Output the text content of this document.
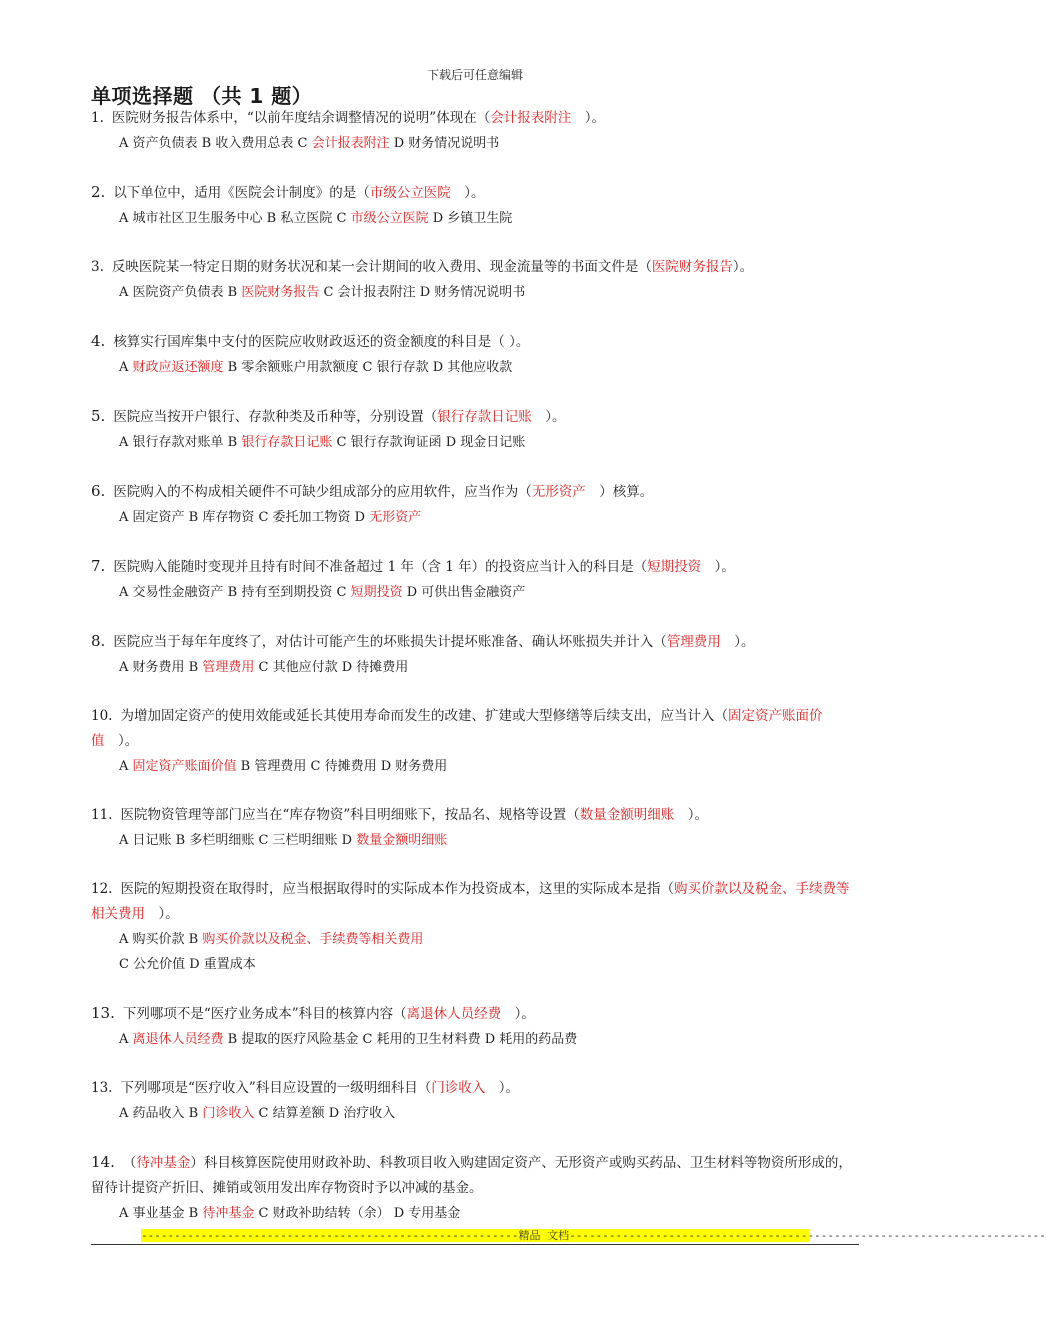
下载后可任意编辑
单项选择题 （共 1 题）
1. 医院财务报告体系中，“以前年度结余调整情况的说明”体现在（会计报表附注　）。
A 资产负债表 B 收入费用总表 C 会计报表附注 D 财务情况说明书
2. 以下单位中，适用《医院会计制度》的是（市级公立医院　）。
A 城市社区卫生服务中心 B 私立医院 C 市级公立医院 D 乡镇卫生院
3. 反映医院某一特定日期的财务状况和某一会计期间的收入费用、现金流量等的书面文件是（医院财务报告）。
A 医院资产负债表 B 医院财务报告 C 会计报表附注 D 财务情况说明书
4. 核算实行国库集中支付的医院应收财政返还的资金额度的科目是（ ）。
A 财政应返还额度 B 零余额账户用款额度 C 银行存款 D 其他应收款
5. 医院应当按开户银行、存款种类及币种等，分别设置（银行存款日记账　）。
A 银行存款对账单 B 银行存款日记账 C 银行存款询证函 D 现金日记账
6. 医院购入的不构成相关硬件不可缺少组成部分的应用软件，应当作为（无形资产　）核算。
A 固定资产 B 库存物资 C 委托加工物资 D 无形资产
7. 医院购入能随时变现并且持有时间不准备超过 1 年（含 1 年）的投资应当计入的科目是（短期投资　）。
A 交易性金融资产 B 持有至到期投资 C 短期投资 D 可供出售金融资产
8. 医院应当于每年年度终了，对估计可能产生的坏账损失计提坏账准备、确认坏账损失并计入（管理费用　）。
A 财务费用 B 管理费用 C 其他应付款 D 待摊费用
10. 为增加固定资产的使用效能或延长其使用寿命而发生的改建、扩建或大型修缮等后续支出，应当计入（固定资产账面价值　）。
A 固定资产账面价值 B 管理费用 C 待摊费用 D 财务费用
11. 医院物资管理等部门应当在“库存物资”科目明细账下，按品名、规格等设置（数量金额明细账　）。
A 日记账 B 多栏明细账 C 三栏明细账 D 数量金额明细账
12. 医院的短期投资在取得时，应当根据取得时的实际成本作为投资成本，这里的实际成本是指（购买价款以及税金、手续费等相关费用　）。
A 购买价款 B 购买价款以及税金、手续费等相关费用
C 公允价值 D 重置成本
13. 下列哪项不是“医疗业务成本”科目的核算内容（离退休人员经费　）。
A 离退休人员经费 B 提取的医疗风险基金 C 耗用的卫生材料费 D 耗用的药品费
13. 下列哪项是“医疗收入”科目应设置的一级明细科目（门诊收入　）。
A 药品收入 B 门诊收入 C 结算差额 D 治疗收入
14. （待冲基金）科目核算医院使用财政补助、科教项目收入购建固定资产、无形资产或购买药品、卫生材料等物资所形成的，留待计提资产折旧、摊销或领用发出库存物资时予以冲减的基金。
A 事业基金 B 待冲基金 C 财政补助结转（余） D 专用基金
---------------------------------------------------------精品 文档------------------------------------------------------------------------
